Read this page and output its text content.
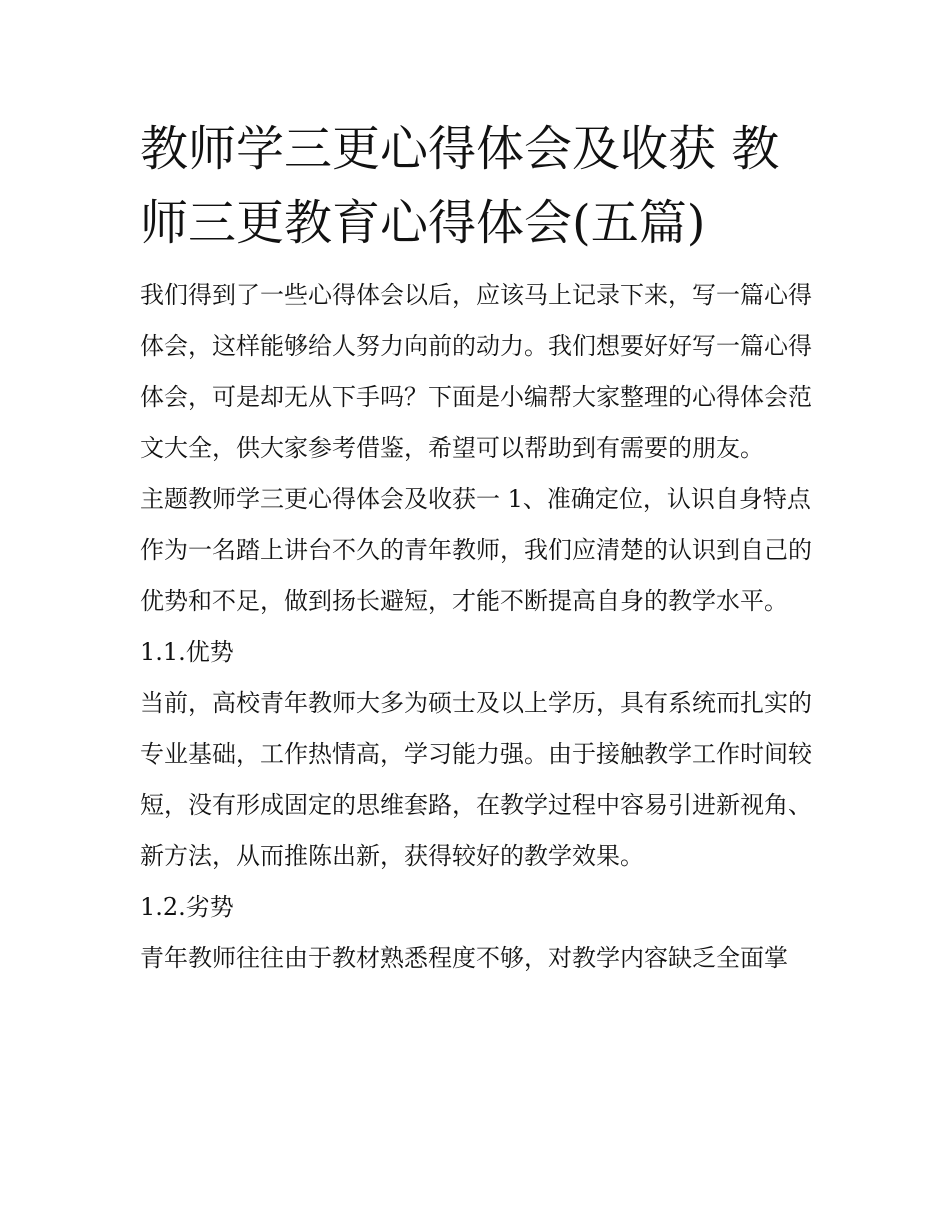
教师学三更心得体会及收获 教师三更教育心得体会(五篇)

我们得到了一些心得体会以后，应该马上记录下来，写一篇心得体会，这样能够给人努力向前的动力。我们想要好好写一篇心得体会，可是却无从下手吗？下面是小编帮大家整理的心得体会范文大全，供大家参考借鉴，希望可以帮助到有需要的朋友。

主题教师学三更心得体会及收获一 1、准确定位，认识自身特点

作为一名踏上讲台不久的青年教师，我们应清楚的认识到自己的优势和不足，做到扬长避短，才能不断提高自身的教学水平。 1.1.优势

当前，高校青年教师大多为硕士及以上学历，具有系统而扎实的专业基础，工作热情高，学习能力强。由于接触教学工作时间较短，没有形成固定的思维套路，在教学过程中容易引进新视角、新方法，从而推陈出新，获得较好的教学效果。

1.2.劣势

青年教师往往由于教材熟悉程度不够，对教学内容缺乏全面掌
